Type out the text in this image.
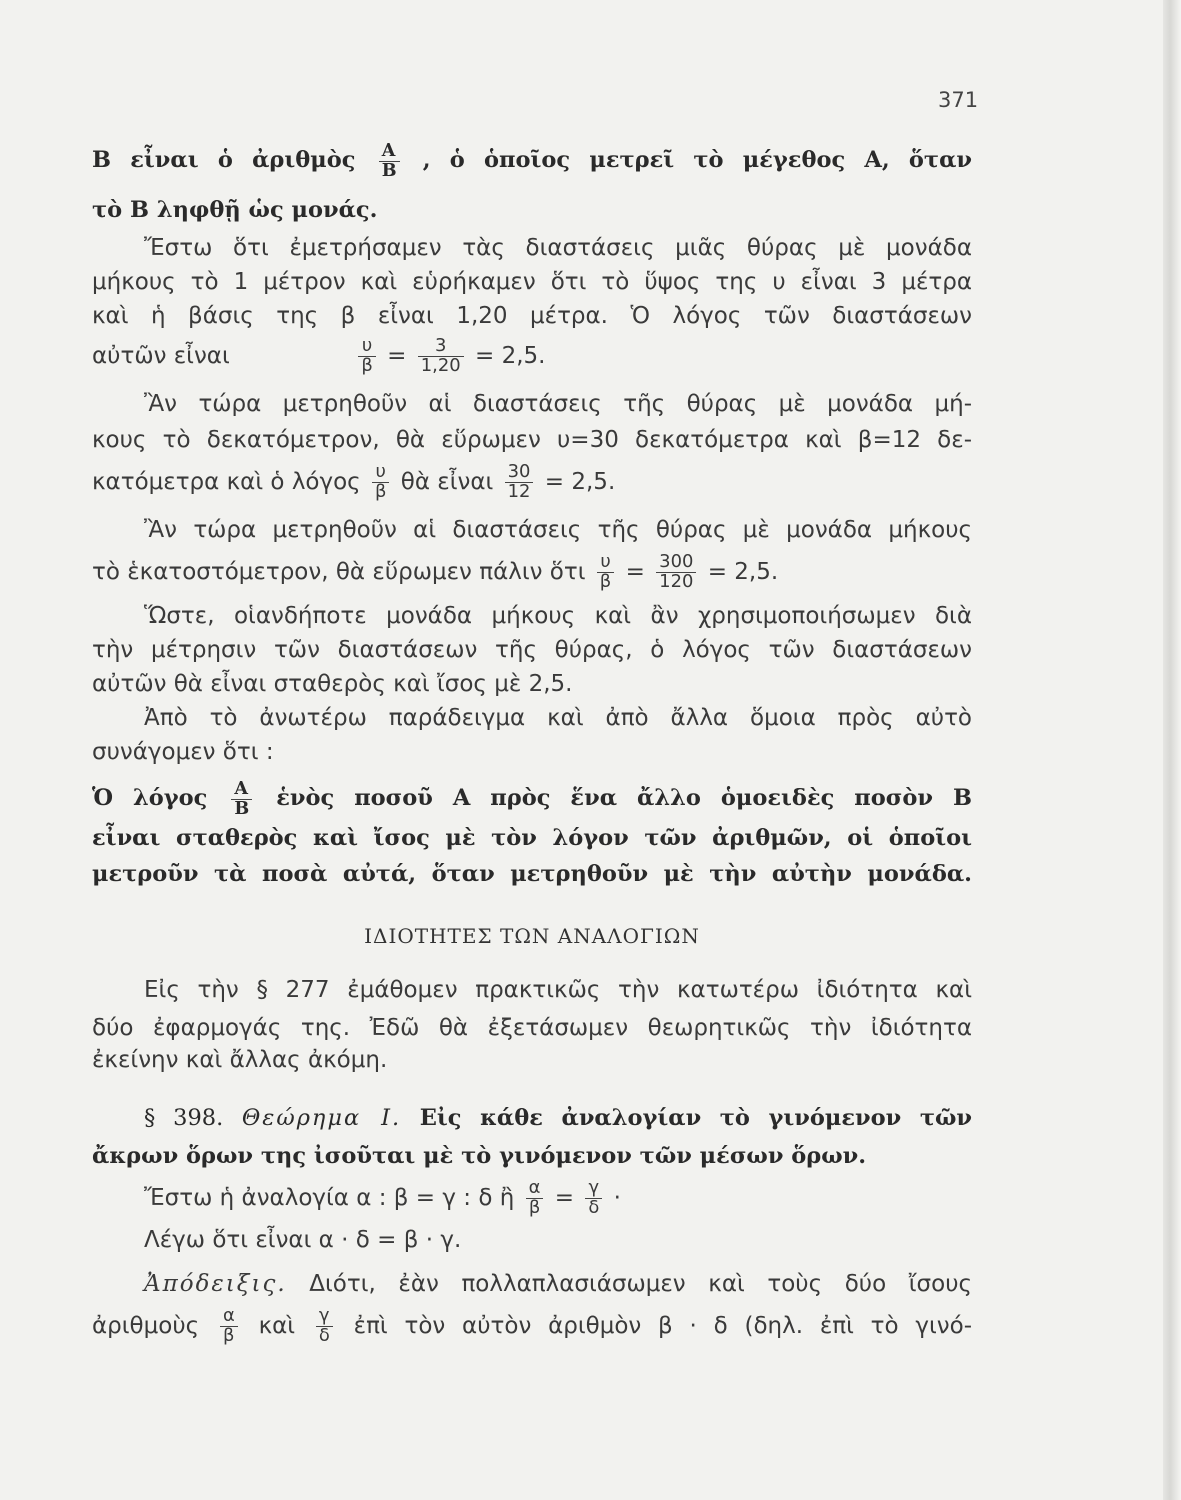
371
Β εἶναι ὁ ἀριθμὸς $\frac{A}{B}$ , ὁ ὁποῖος μετρεῖ τὸ μέγεθος Α, ὅταν
τὸ Β ληφθῇ ὡς μονάς.
Ἔστω ὅτι ἐμετρήσαμεν τὰς διαστάσεις μιᾶς θύρας μὲ μονάδα
μήκους τὸ 1 μέτρον καὶ εὑρήκαμεν ὅτι τὸ ὕψος της υ εἶναι 3 μέτρα
καὶ ἡ βάσις της β εἶναι 1,20 μέτρα. Ὁ λόγος τῶν διαστάσεων
αὐτῶν εἶναι	$\frac{\upsilon}{\beta} = \frac{3}{1,20} = 2,5$.
Ἂν τώρα μετρηθοῦν αἱ διαστάσεις τῆς θύρας μὲ μονάδα μή-
κους τὸ δεκατόμετρον, θὰ εὕρωμεν υ=30 δεκατόμετρα καὶ β=12 δε-
κατόμετρα καὶ ὁ λόγος $\frac{\upsilon}{\beta}$ θὰ εἶναι $\frac{30}{12} = 2,5$.
Ἂν τώρα μετρηθοῦν αἱ διαστάσεις τῆς θύρας μὲ μονάδα μήκους
τὸ ἑκατοστόμετρον, θὰ εὕρωμεν πάλιν ὅτι $\frac{\upsilon}{\beta} = \frac{300}{120} = 2,5$.
Ὥστε, οἱανδήποτε μονάδα μήκους καὶ ἂν χρησιμοποιήσωμεν διὰ
τὴν μέτρησιν τῶν διαστάσεων τῆς θύρας, ὁ λόγος τῶν διαστάσεων
αὐτῶν θὰ εἶναι σταθερὸς καὶ ἴσος μὲ 2,5.
Ἀπὸ τὸ ἀνωτέρω παράδειγμα καὶ ἀπὸ ἄλλα ὅμοια πρὸς αὐτὸ
συνάγομεν ὅτι :
Ὁ λόγος $\frac{A}{B}$ ἑνὸς ποσοῦ Α πρὸς ἕνα ἄλλο ὁμοειδὲς ποσὸν Β
εἶναι σταθερὸς καὶ ἴσος μὲ τὸν λόγον τῶν ἀριθμῶν, οἱ ὁποῖοι
μετροῦν τὰ ποσὰ αὐτά, ὅταν μετρηθοῦν μὲ τὴν αὐτὴν μονάδα.
ΙΔΙΟΤΗΤΕΣ ΤΩΝ ΑΝΑΛΟΓΙΩΝ
Εἰς τὴν § 277 ἐμάθομεν πρακτικῶς τὴν κατωτέρω ἰδιότητα καὶ
δύο ἐφαρμογάς της. Ἐδῶ θὰ ἐξετάσωμεν θεωρητικῶς τὴν ἰδιότητα
ἐκείνην καὶ ἄλλας ἀκόμη.
§ 398. Θεώρημα I. Εἰς κάθε ἀναλογίαν τὸ γινόμενον τῶν
ἄκρων ὅρων της ἰσοῦται μὲ τὸ γινόμενον τῶν μέσων ὅρων.
Ἔστω ἡ ἀναλογία α : β = γ : δ ἢ $\frac{\alpha}{\beta} = \frac{\gamma}{\delta}$ ·
Λέγω ὅτι εἶναι α · δ = β · γ.
Ἀπόδειξις. Διότι, ἐὰν πολλαπλασιάσωμεν καὶ τοὺς δύο ἴσους
ἀριθμοὺς $\frac{\alpha}{\beta}$ καὶ $\frac{\gamma}{\delta}$ ἐπὶ τὸν αὐτὸν ἀριθμὸν β · δ (δηλ. ἐπὶ τὸ γινό-
